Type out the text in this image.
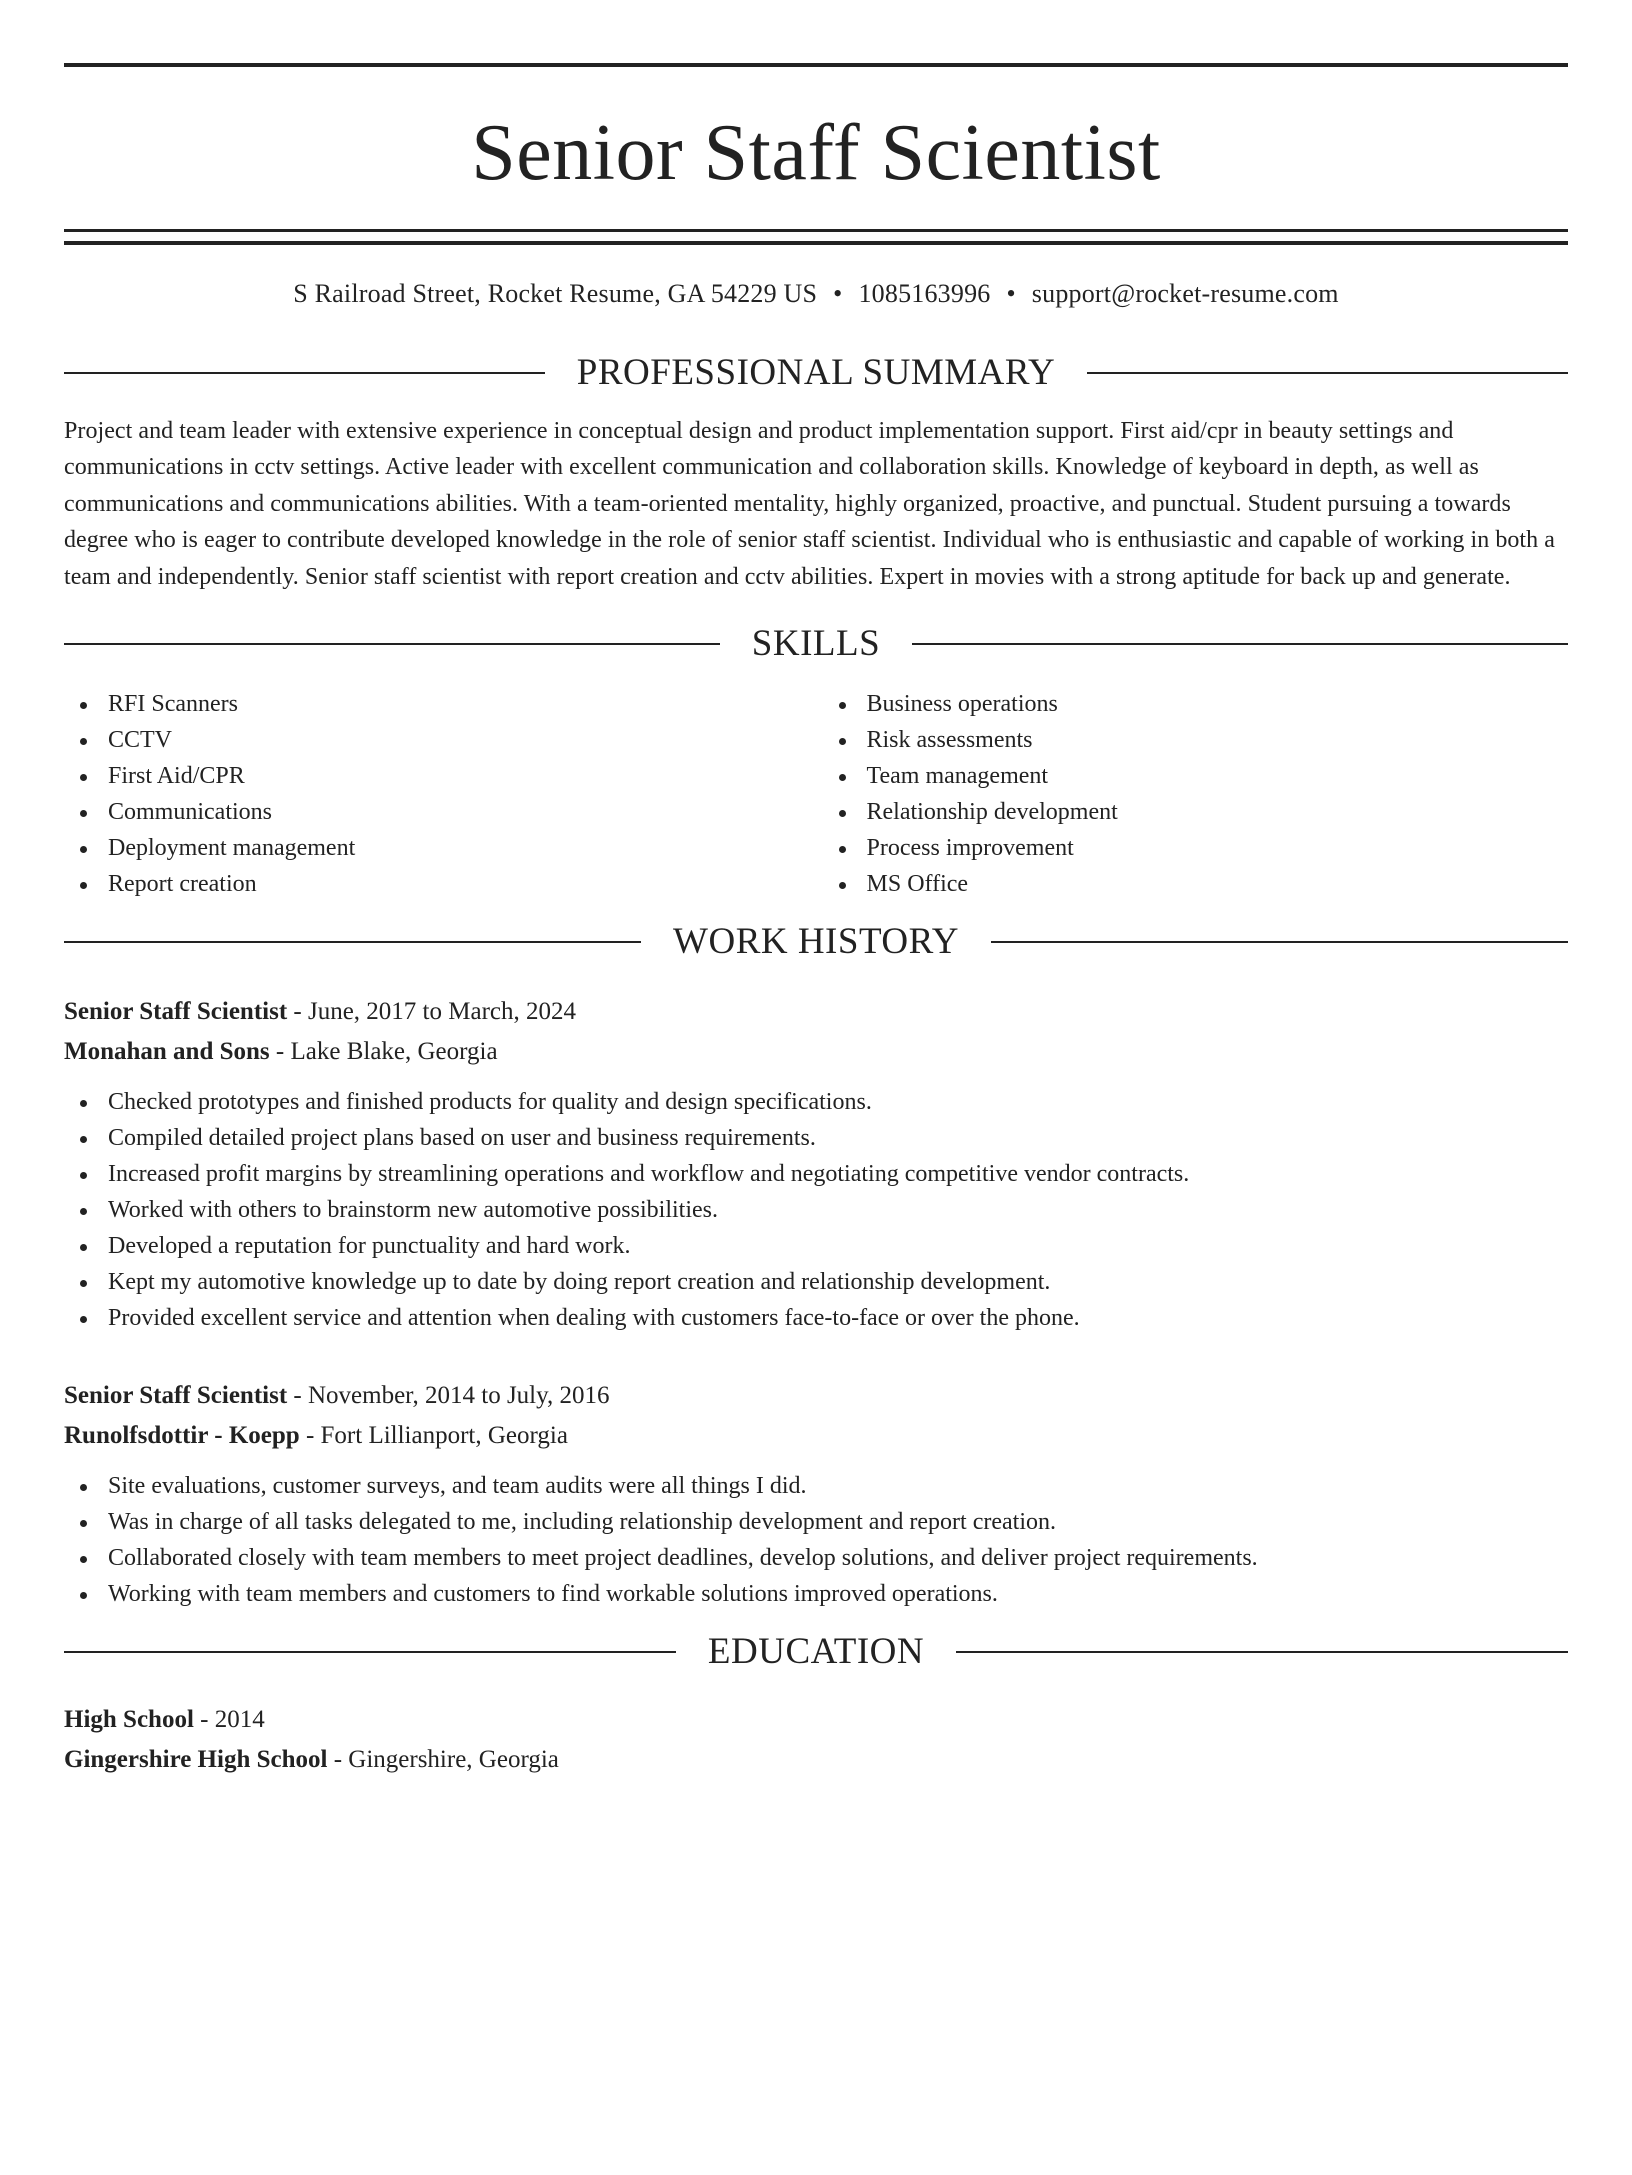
Senior Staff Scientist
S Railroad Street, Rocket Resume, GA 54229 US • 1085163996 • support@rocket-resume.com
PROFESSIONAL SUMMARY

Project and team leader with extensive experience in conceptual design and product implementation support. First aid/cpr in beauty settings and communications in cctv settings. Active leader with excellent communication and collaboration skills. Knowledge of keyboard in depth, as well as communications and communications abilities. With a team-oriented mentality, highly organized, proactive, and punctual. Student pursuing a towards degree who is eager to contribute developed knowledge in the role of senior staff scientist. Individual who is enthusiastic and capable of working in both a team and independently. Senior staff scientist with report creation and cctv abilities. Expert in movies with a strong aptitude for back up and generate.

SKILLS
RFI Scanners
CCTV
First Aid/CPR
Communications
Deployment management
Report creation
Business operations
Risk assessments
Team management
Relationship development
Process improvement
MS Office
WORK HISTORY
Senior Staff Scientist - June, 2017 to March, 2024
Monahan and Sons - Lake Blake, Georgia
Checked prototypes and finished products for quality and design specifications.
Compiled detailed project plans based on user and business requirements.
Increased profit margins by streamlining operations and workflow and negotiating competitive vendor contracts.
Worked with others to brainstorm new automotive possibilities.
Developed a reputation for punctuality and hard work.
Kept my automotive knowledge up to date by doing report creation and relationship development.
Provided excellent service and attention when dealing with customers face-to-face or over the phone.
Senior Staff Scientist - November, 2014 to July, 2016
Runolfsdottir - Koepp - Fort Lillianport, Georgia
Site evaluations, customer surveys, and team audits were all things I did.
Was in charge of all tasks delegated to me, including relationship development and report creation.
Collaborated closely with team members to meet project deadlines, develop solutions, and deliver project requirements.
Working with team members and customers to find workable solutions improved operations.
EDUCATION
High School - 2014
Gingershire High School - Gingershire, Georgia
